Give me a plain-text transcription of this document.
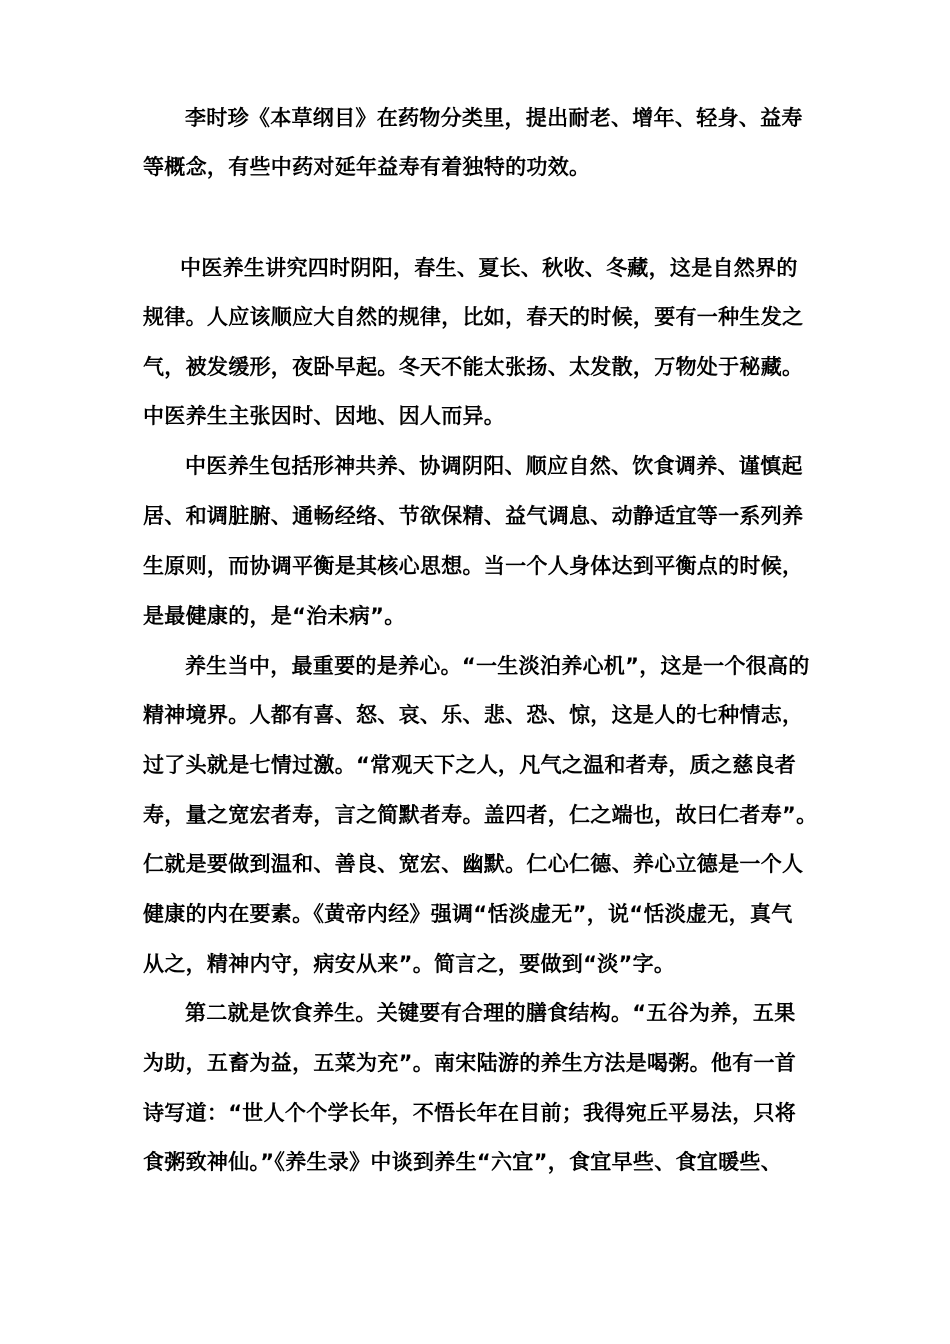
李时珍《本草纲目》在药物分类里，提出耐老、增年、轻身、益寿
等概念，有些中药对延年益寿有着独特的功效。
中医养生讲究四时阴阳，春生、夏长、秋收、冬藏，这是自然界的
规律。人应该顺应大自然的规律，比如，春天的时候，要有一种生发之
气，被发缓形，夜卧早起。冬天不能太张扬、太发散，万物处于秘藏。
中医养生主张因时、因地、因人而异。
中医养生包括形神共养、协调阴阳、顺应自然、饮食调养、谨慎起
居、和调脏腑、通畅经络、节欲保精、益气调息、动静适宜等一系列养
生原则，而协调平衡是其核心思想。当一个人身体达到平衡点的时候，
是最健康的，是“治未病”。
养生当中，最重要的是养心。“一生淡泊养心机”，这是一个很高的
精神境界。人都有喜、怒、哀、乐、悲、恐、惊，这是人的七种情志，
过了头就是七情过激。“常观天下之人，凡气之温和者寿，质之慈良者
寿，量之宽宏者寿，言之简默者寿。盖四者，仁之端也，故曰仁者寿”。
仁就是要做到温和、善良、宽宏、幽默。仁心仁德、养心立德是一个人
健康的内在要素。《黄帝内经》强调“恬淡虚无”，说“恬淡虚无，真气
从之，精神内守，病安从来”。简言之，要做到“淡”字。
第二就是饮食养生。关键要有合理的膳食结构。“五谷为养，五果
为助，五畜为益，五菜为充”。南宋陆游的养生方法是喝粥。他有一首
诗写道：“世人个个学长年，不悟长年在目前；我得宛丘平易法，只将
食粥致神仙。”《养生录》中谈到养生“六宜”，食宜早些、食宜暖些、
